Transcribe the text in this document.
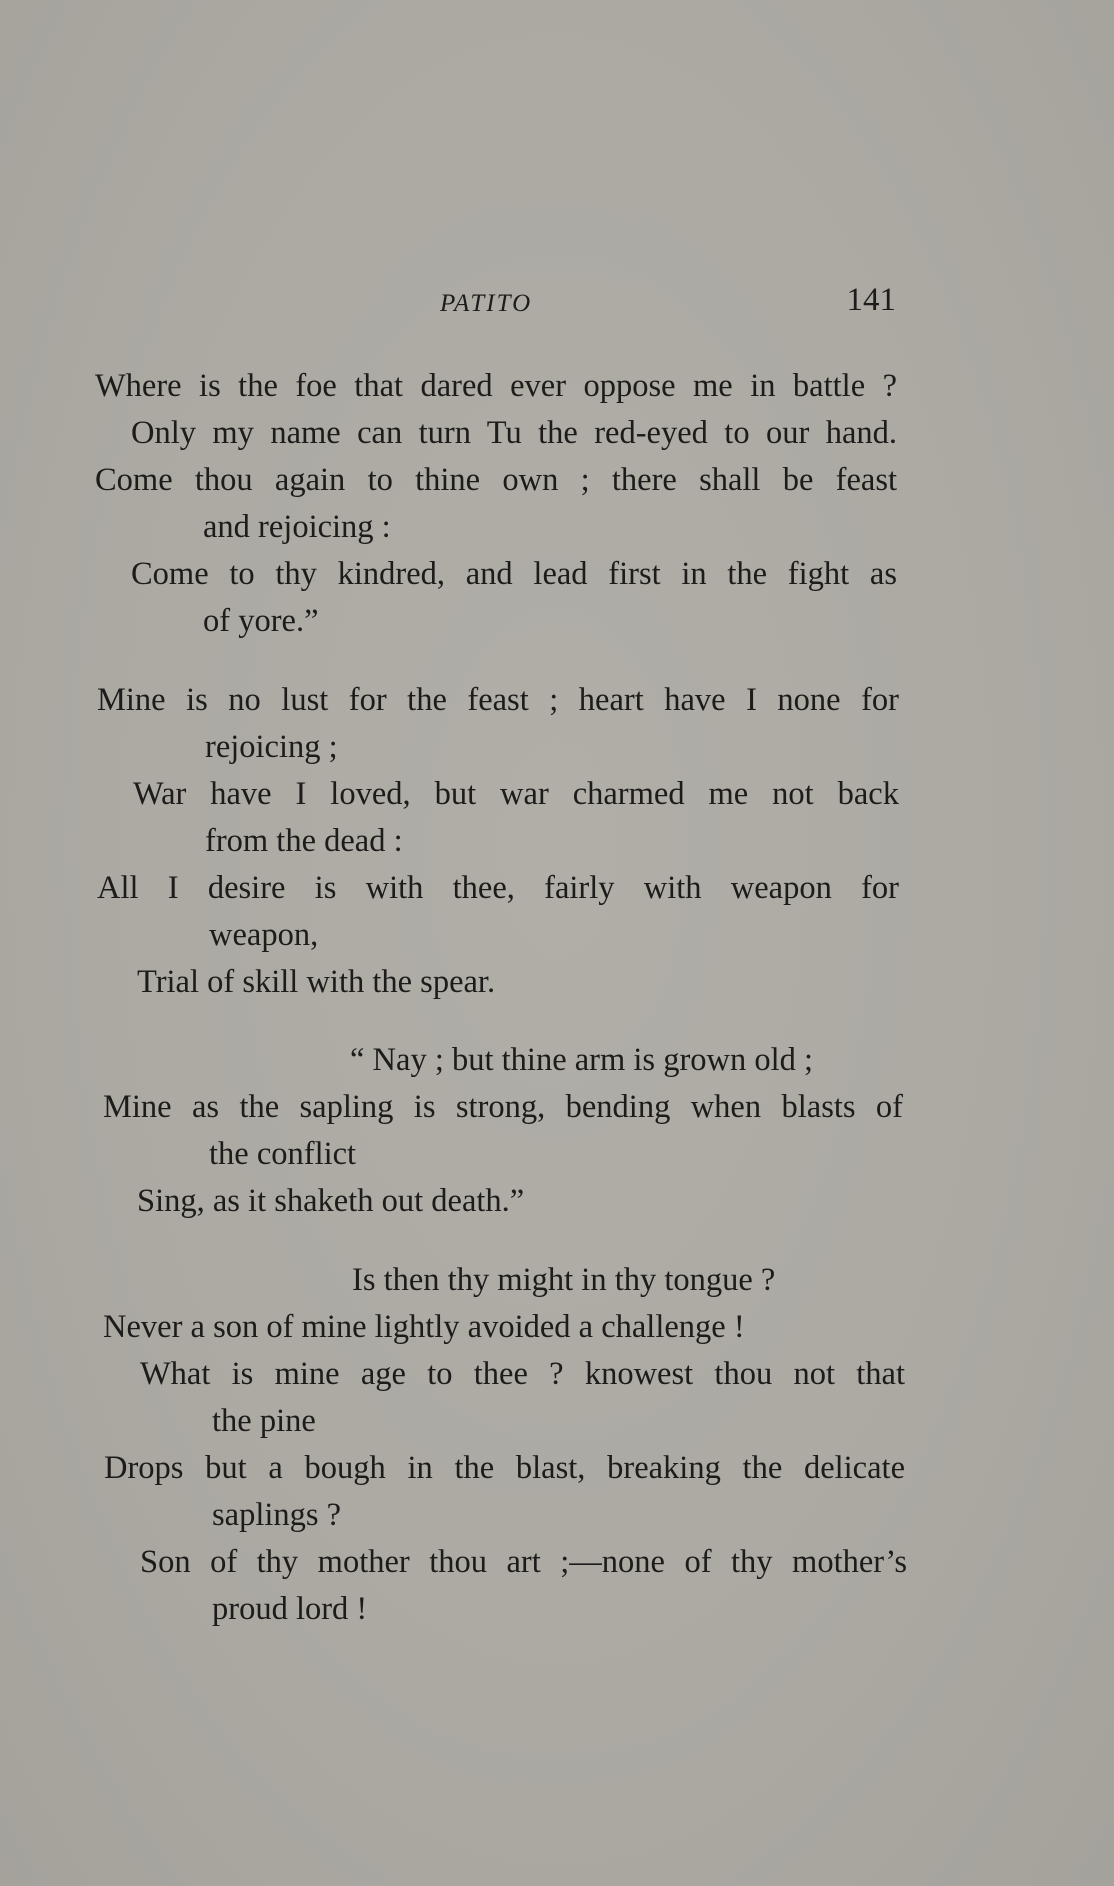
PATITO	141
Where is the foe that dared ever oppose me in battle ?
Only my name can turn Tu the red-eyed to our hand.
Come thou again to thine own ; there shall be feast
and rejoicing :
Come to thy kindred, and lead first in the fight as
of yore.”
Mine is no lust for the feast ; heart have I none for
rejoicing ;
War have I loved, but war charmed me not back
from the dead :
All I desire is with thee, fairly with weapon for
weapon,
Trial of skill with the spear.
“ Nay ; but thine arm is grown old ;
Mine as the sapling is strong, bending when blasts of
the conflict
Sing, as it shaketh out death.”
Is then thy might in thy tongue ?
Never a son of mine lightly avoided a challenge !
What is mine age to thee ? knowest thou not that
the pine
Drops but a bough in the blast, breaking the delicate
saplings ?
Son of thy mother thou art ;—none of thy mother’s
proud lord !
